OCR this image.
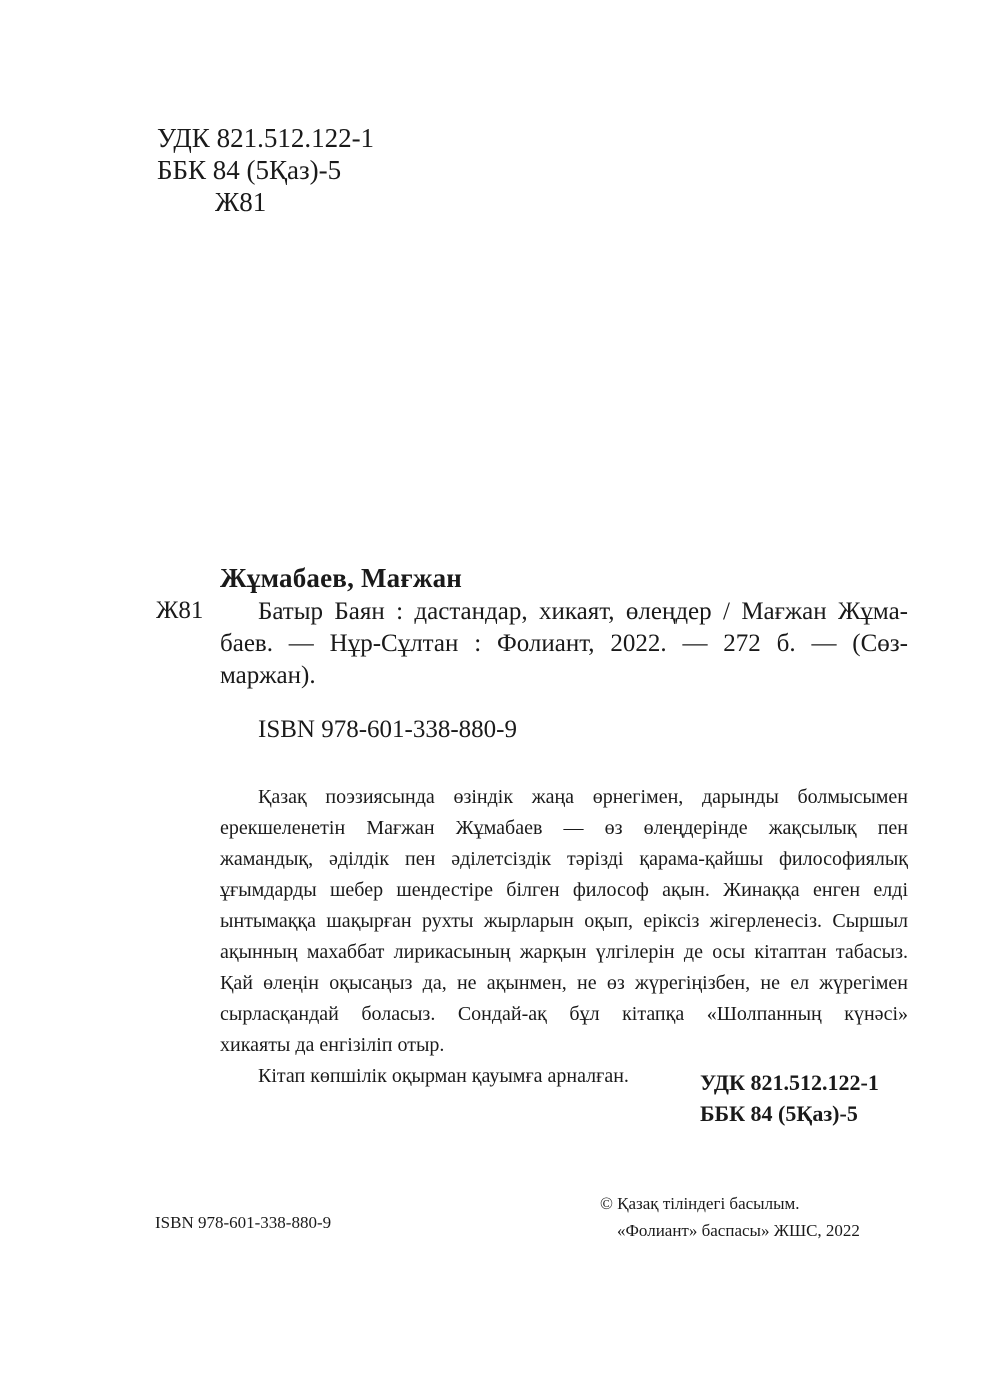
УДК 821.512.122-1
ББК 84 (5Қаз)-5
Ж81
Жұмабаев, Мағжан
Ж81	Батыр Баян : дастандар, хикаят, өлеңдер / Мағжан Жұма-
баев. — Нұр-Сұлтан : Фолиант, 2022. — 272 б. — (Сөз-
маржан).
ISBN 978-601-338-880-9
Қазақ поэзиясында өзіндік жаңа өрнегімен, дарынды болмысымен
ерекшеленетін Мағжан Жұмабаев — өз өлеңдерінде жақсылық пен
жамандық, әділдік пен әділетсіздік тәрізді қарама-қайшы философиялық
ұғымдарды шебер шендестіре білген философ ақын. Жинаққа енген елді
ынтымаққа шақырған рухты жырларын оқып, еріксіз жігерленесіз. Сыршыл
ақынның махаббат лирикасының жарқын үлгілерін де осы кітаптан табасыз.
Қай өлеңін оқысаңыз да, не ақынмен, не өз жүрегіңізбен, не ел жүрегімен
сырласқандай боласыз. Сондай-ақ бұл кітапқа «Шолпанның күнәсі»
хикаяты да енгізіліп отыр.
Кітап көпшілік оқырман қауымға арналған.	УДК 821.512.122-1
ББК 84 (5Қаз)-5
ISBN 978-601-338-880-9
© Қазақ тіліндегі басылым.
«Фолиант» баспасы» ЖШС, 2022
